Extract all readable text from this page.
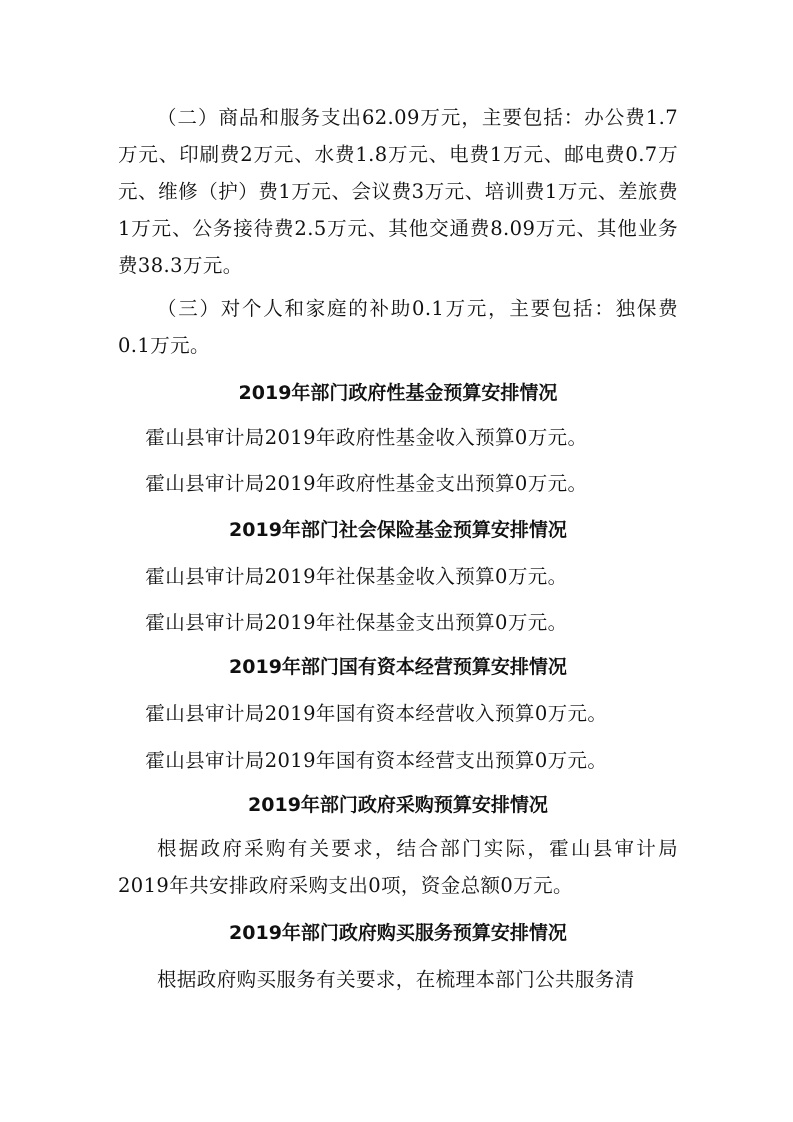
（二）商品和服务支出62.09万元，主要包括：办公费1.7万元、印刷费2万元、水费1.8万元、电费1万元、邮电费0.7万元、维修（护）费1万元、会议费3万元、培训费1万元、差旅费1万元、公务接待费2.5万元、其他交通费8.09万元、其他业务费38.3万元。

（三）对个人和家庭的补助0.1万元，主要包括：独保费0.1万元。

2019年部门政府性基金预算安排情况

霍山县审计局2019年政府性基金收入预算0万元。

霍山县审计局2019年政府性基金支出预算0万元。

2019年部门社会保险基金预算安排情况

霍山县审计局2019年社保基金收入预算0万元。

霍山县审计局2019年社保基金支出预算0万元。

2019年部门国有资本经营预算安排情况

霍山县审计局2019年国有资本经营收入预算0万元。

霍山县审计局2019年国有资本经营支出预算0万元。

2019年部门政府采购预算安排情况

根据政府采购有关要求，结合部门实际，霍山县审计局2019年共安排政府采购支出0项，资金总额0万元。

2019年部门政府购买服务预算安排情况

根据政府购买服务有关要求，在梳理本部门公共服务清
